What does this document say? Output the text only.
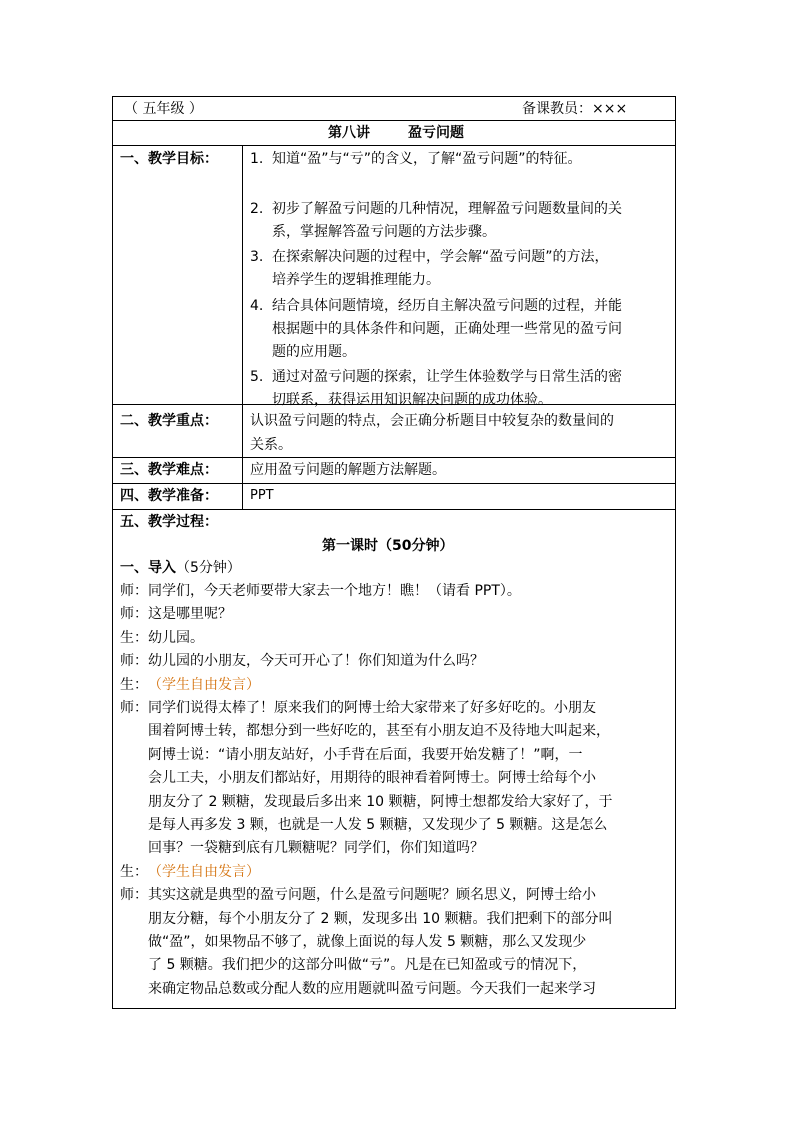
（ 五年级 ）	备课教员：×××
第八讲	盈亏问题
一、教学目标： 1. 知道“盈”与“亏”的含义，了解“盈亏问题”的特征。
2. 初步了解盈亏问题的几种情况，理解盈亏问题数量间的关
系，掌握解答盈亏问题的方法步骤。
3. 在探索解决问题的过程中，学会解“盈亏问题”的方法，
培养学生的逻辑推理能力。
4. 结合具体问题情境，经历自主解决盈亏问题的过程，并能
根据题中的具体条件和问题，正确处理一些常见的盈亏问
题的应用题。
5. 通过对盈亏问题的探索，让学生体验数学与日常生活的密
切联系，获得运用知识解决问题的成功体验。
二、教学重点： 认识盈亏问题的特点，会正确分析题目中较复杂的数量间的
关系。
三、教学难点： 应用盈亏问题的解题方法解题。
四、教学准备： PPT
五、教学过程：
第一课时（50分钟）
一、导入（5分钟）
师： 同学们，今天老师要带大家去一个地方！瞧！（请看 PPT）。
师： 这是哪里呢？
生： 幼儿园。
师： 幼儿园的小朋友，今天可开心了！你们知道为什么吗？
生： （学生自由发言）
师： 同学们说得太棒了！原来我们的阿博士给大家带来了好多好吃的。小朋友
围着阿博士转，都想分到一些好吃的，甚至有小朋友迫不及待地大叫起来，
阿博士说：“请小朋友站好，小手背在后面，我要开始发糖了！”啊，一
会儿工夫，小朋友们都站好，用期待的眼神看着阿博士。阿博士给每个小
朋友分了 2 颗糖，发现最后多出来 10 颗糖，阿博士想都发给大家好了，于
是每人再多发 3 颗，也就是一人发 5 颗糖，又发现少了 5 颗糖。这是怎么
回事？一袋糖到底有几颗糖呢？同学们，你们知道吗？
生： （学生自由发言）
师： 其实这就是典型的盈亏问题，什么是盈亏问题呢？顾名思义，阿博士给小
朋友分糖，每个小朋友分了 2 颗，发现多出 10 颗糖。我们把剩下的部分叫
做“盈”，如果物品不够了，就像上面说的每人发 5 颗糖，那么又发现少
了 5 颗糖。我们把少的这部分叫做“亏”。凡是在已知盈或亏的情况下，
来确定物品总数或分配人数的应用题就叫盈亏问题。今天我们一起来学习
